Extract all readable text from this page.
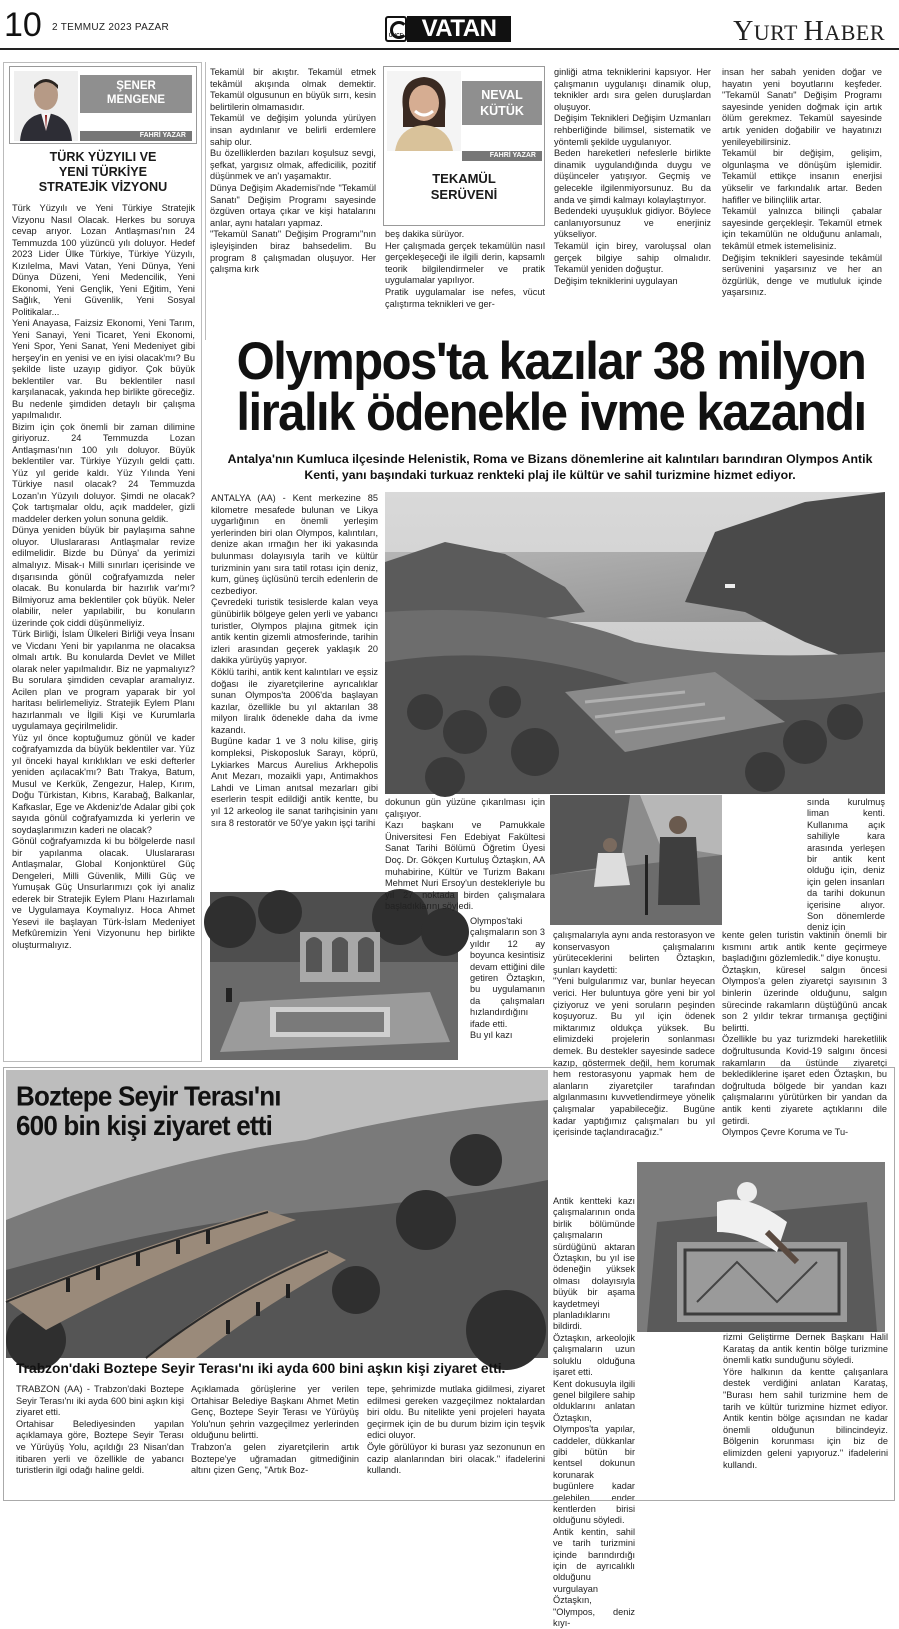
10 2 TEMMUZ 2023 PAZAR
ÜNCE VATAN	YURT HABER
ŞENER
MENGENE
FAHRİ YAZAR
TÜRK YÜZYILI VE
YENİ TÜRKİYE
STRATEJİK VİZYONU
Türk Yüzyılı ve Yeni Türkiye Stratejik Vizyonu Nasıl Olacak. Herkes bu soruya cevap arıyor. Lozan Antlaşması'nın 24 Temmuzda 100 yüzüncü yılı doluyor. Hedef 2023 Lider Ülke Türkiye, Türkiye Yüzyılı, Kızılelma, Mavi Vatan, Yeni Dünya, Yeni Dünya Düzeni, Yeni Medencilik, Yeni Ekonomi, Yeni Gençlik, Yeni Eğitim, Yeni Sağlık, Yeni Güvenlik, Yeni Sosyal Politikalar...
Yeni Anayasa, Faizsiz Ekonomi, Yeni Tarım, Yeni Sanayi, Yeni Ticaret, Yeni Ekonomi, Yeni Spor, Yeni Sanat, Yeni Medeniyet gibi herşey'in en yenisi ve en iyisi olacak'mı? Bu şekilde liste uzayıp gidiyor. Çok büyük beklentiler var. Bu beklentiler nasıl karşılanacak, yakında hep birlikte göreceğiz. Bu nedenle şimdiden detaylı bir çalışma yapılmalıdır.
Bizim için çok önemli bir zaman dilimine giriyoruz. 24 Temmuzda Lozan Antlaşması'nın 100 yılı doluyor. Büyük beklentiler var. Türkiye Yüzyılı geldi çattı. Yüz yıl geride kaldı. Yüz Yılında Yeni Türkiye nasıl olacak? 24 Temmuzda Lozan'ın Yüzyılı doluyor. Şimdi ne olacak? Çok tartışmalar oldu, açık maddeler, gizli maddeler derken yolun sonuna geldik.
Dünya yeniden büyük bir paylaşıma sahne oluyor. Uluslararası Antlaşmalar revize edilmelidir. Bizde bu Dünya' da yerimizi almalıyız. Misak-ı Milli sınırları içerisinde ve dışarısında gönül coğrafyamızda neler olacak. Bu konularda bir hazırlık var'mı? Bilmiyoruz ama beklentiler çok büyük. Neler olabilir, neler yapılabilir, bu konuların üzerinde çok ciddi düşünmeliyiz.
Türk Birliği, İslam Ülkeleri Birliği veya İnsanı ve Vicdanı Yeni bir yapılanma ne olacaksa olmalı artık. Bu konularda Devlet ve Millet olarak neler yapılmalıdır. Biz ne yapmalıyız? Bu sorulara şimdiden cevaplar aramalıyız. Acilen plan ve program yaparak bir yol haritası belirlemeliyiz. Stratejik Eylem Planı hazırlanmalı ve İlgili Kişi ve Kurumlarla uygulamaya geçirilmelidir.
Yüz yıl önce koptuğumuz gönül ve kader coğrafyamızda da büyük beklentiler var. Yüz yıl önceki hayal kırıklıkları ve eski defterler yeniden açılacak'mı? Batı Trakya, Batum, Musul ve Kerkük, Zengezur, Halep, Kırım, Doğu Türkistan, Kıbrıs, Karabağ, Balkanlar, Kafkaslar, Ege ve Akdeniz'de Adalar gibi çok sayıda gönül coğrafyamızda ki yerlerin ve soydaşlarımızın kaderi ne olacak?
Gönül coğrafyamızda ki bu bölgelerde nasıl bir yapılanma olacak. Uluslararası Antlaşmalar, Global Konjonktürel Güç Dengeleri, Milli Güvenlik, Milli Güç ve Yumuşak Güç Unsurlarımızı çok iyi analiz ederek bir Stratejik Eylem Planı Hazırlamalı ve Uygulamaya Koymalıyız. Hoca Ahmet Yesevi ile başlayan Türk-İslam Medeniyet Mefkûremizin Yeni Vizyonunu hep birlikte oluşturmalıyız.
Tekamül bir akıştır. Tekamül etmek tekâmül akışında olmak demektir. Tekamül olgusunun en büyük sırrı, kesin belirtilerin olmamasıdır.
Tekamül ve değişim yolunda yürüyen insan aydınlanır ve belirli erdemlere sahip olur.
Bu özelliklerden bazıları koşulsuz sevgi, şefkat, yargısız olmak, affedicilik, pozitif düşünmek ve an'ı yaşamaktır.
Dünya Değişim Akademisi'nde "Tekamül Sanatı" Değişim Programı sayesinde özgüven ortaya çıkar ve kişi hatalarını anlar, aynı hataları yapmaz.
"Tekamül Sanatı" Değişim Programı"nın işleyişinden biraz bahsedelim. Bu program 8 çalışmadan oluşuyor. Her çalışma kırk
NEVAL
KÜTÜK
FAHRİ YAZAR
TEKAMÜL
SERÜVENİ
beş dakika sürüyor.
Her çalışmada gerçek tekamülün nasıl gerçekleşeceği ile ilgili derin, kapsamlı teorik bilgilendirmeler ve pratik uygulamalar yapılıyor.
Pratik uygulamalar ise nefes, vücut çalıştırma teknikleri ve ger-
ginliği atma tekniklerini kapsıyor. Her çalışmanın uygulanışı dinamik olup, teknikler ardı sıra gelen duruşlardan oluşuyor.
Değişim Teknikleri Değişim Uzmanları rehberliğinde bilimsel, sistematik ve yöntemli şekilde uygulanıyor.
Beden hareketleri nefeslerle birlikte dinamik uygulandığında duygu ve düşünceler yatışıyor. Geçmiş ve gelecekle ilgilenmiyorsunuz. Bu da anda ve şimdi kalmayı kolaylaştırıyor.
Bedendeki uyuşukluk gidiyor. Böylece canlanıyorsunuz ve enerjiniz yükseliyor.
Tekamül için birey, varoluşsal olan gerçek bilgiye sahip olmalıdır. Tekamül yeniden doğuştur.
Değişim tekniklerini uygulayan
insan her sabah yeniden doğar ve hayatın yeni boyutlarını keşfeder. "Tekamül Sanatı" Değişim Programı sayesinde yeniden doğmak için artık ölüm gerekmez. Tekamül sayesinde artık yeniden doğabilir ve hayatınızı yenileyebilirsiniz.
Tekamül bir değişim, gelişim, olgunlaşma ve dönüşüm işlemidir. Tekamül ettikçe insanın enerjisi yükselir ve farkındalık artar. Beden hafifler ve bilinçlilik artar.
Tekamül yalnızca bilinçli çabalar sayesinde gerçekleşir. Tekamül etmek için tekamülün ne olduğunu anlamalı, tekâmül etmek istemelisiniz.
Değişim teknikleri sayesinde tekâmül serüvenini yaşarsınız ve her an özgürlük, denge ve mutluluk içinde yaşarsınız.
Olympos'ta kazılar 38 milyon
liralık ödenekle ivme kazandı
Antalya'nın Kumluca ilçesinde Helenistik, Roma ve Bizans dönemlerine ait kalıntıları barındıran Olympos Antik Kenti, yanı başındaki turkuaz renkteki plaj ile kültür ve sahil turizmine hizmet ediyor.
ANTALYA (AA) - Kent merkezine 85 kilometre mesafede bulunan ve Likya uygarlığının en önemli yerleşim yerlerinden biri olan Olympos, kalıntıları, denize akan ırmağın her iki yakasında bulunması dolayısıyla tarih ve kültür turizminin yanı sıra tatil rotası için deniz, kum, güneş üçlüsünü tercih edenlerin de cezbediyor.
Çevredeki turistik tesislerde kalan veya günübirlik bölgeye gelen yerli ve yabancı turistler, Olympos plajına gitmek için antik kentin gizemli atmosferinde, tarihin izleri arasından geçerek yaklaşık 20 dakika yürüyüş yapıyor.
Köklü tarihi, antik kent kalıntıları ve eşsiz doğası ile ziyaretçilerine ayrıcalıklar sunan Olympos'ta 2006'da başlayan kazılar, özellikle bu yıl aktarılan 38 milyon liralık ödenekle daha da ivme kazandı.
Bugüne kadar 1 ve 3 nolu kilise, giriş kompleksi, Piskoposluk Sarayı, köprü, Lykiarkes Marcus Aurelius Arkhepolis Anıt Mezarı, mozaikli yapı, Antimakhos Lahdi ve Liman anıtsal mezarları gibi eserlerin tespit edildiği antik kentte, bu yıl 12 arkeolog ile sanat tarihçisinin yanı sıra 8 restoratör ve 50'ye yakın işçi tarihi
dokunun gün yüzüne çıkarılması için çalışıyor.
Kazı başkanı ve Pamukkale Üniversitesi Fen Edebiyat Fakültesi Sanat Tarihi Bölümü Öğretim Üyesi Doç. Dr. Gökçen Kurtuluş Öztaşkın, AA muhabirine, Kültür ve Turizm Bakanı Mehmet Nuri Ersoy'un destekleriyle bu yıl 27 noktada birden çalışmalara başladıklarını söyledi.
Olympos'taki çalışmaların son 3 yıldır 12 ay boyunca kesintisiz devam ettiğini dile getiren Öztaşkın, bu uygulamanın da çalışmaları hızlandırdığını ifade etti.
Bu yıl kazı
sında kurulmuş liman kenti. Kullanıma açık sahiliyle kara arasında yerleşen bir antik kent olduğu için, deniz için gelen insanları da tarihi dokunun içerisine alıyor. Son dönemlerde deniz için
çalışmalarıyla aynı anda restorasyon ve konservasyon çalışmalarını yürüteceklerini belirten Öztaşkın, şunları kaydetti:
"Yeni bulgularımız var, bunlar heyecan verici. Her buluntuya göre yeni bir yol çiziyoruz ve yeni soruların peşinden koşuyoruz. Bu yıl için ödenek miktarımız oldukça yüksek. Bu elimizdeki projelerin sonlanması demek. Bu destekler sayesinde sadece kazıp, göstermek değil, hem korumak hem restorasyonu yapmak hem de alanların ziyaretçiler tarafından algılanmasını kuvvetlendirmeye yönelik çalışmalar yapabileceğiz. Bugüne kadar yaptığımız çalışmaları bu yıl içerisinde taçlandıracağız."
Antik kentteki kazı çalışmalarının onda birlik bölümünde çalışmaların sürdüğünü aktaran Öztaşkın, bu yıl ise ödeneğin yüksek olması dolayısıyla büyük bir aşama kaydetmeyi planladıklarını bildirdi.
Öztaşkın, arkeolojik çalışmaların uzun soluklu olduğuna işaret etti.
Kent dokusuyla ilgili genel bilgilere sahip olduklarını anlatan Öztaşkın, Olympos'ta yapılar, caddeler, dükkanlar gibi bütün bir kentsel dokunun korunarak bugünlere kadar gelebilen ender kentlerden birisi olduğunu söyledi.
Antik kentin, sahil ve tarih turizmini içinde barındırdığı için de ayrıcalıklı olduğunu vurgulayan Öztaşkın, "Olympos, deniz kıyı-
kente gelen turistin vaktinin önemli bir kısmını artık antik kente geçirmeye başladığını gözlemledik." diye konuştu.
Öztaşkın, küresel salgın öncesi Olympos'a gelen ziyaretçi sayısının 3 binlerin üzerinde olduğunu, salgın sürecinde rakamların düştüğünü ancak son 2 yıldır tekrar tırmanışa geçtiğini belirtti.
Özellikle bu yaz turizmdeki hareketlilik doğrultusunda Kovid-19 salgını öncesi rakamların da üstünde ziyaretçi beklediklerine işaret eden Öztaşkın, bu doğrultuda bölgede bir yandan kazı çalışmalarını yürütürken bir yandan da antik kenti ziyarete açtıklarını dile getirdi.
Olympos Çevre Koruma ve Tu-
rizmi Geliştirme Dernek Başkanı Halil Karataş da antik kentin bölge turizmine önemli katkı sunduğunu söyledi.
Yöre halkının da kentte çalışanlara destek verdiğini anlatan Karataş, "Burası hem sahil turizmine hem de tarih ve kültür turizmine hizmet ediyor. Antik kentin bölge açısından ne kadar önemli olduğunun bilincindeyiz. Bölgenin korunması için biz de elimizden geleni yapıyoruz." ifadelerini kullandı.
Boztepe Seyir Terası'nı
600 bin kişi ziyaret etti
Trabzon'daki Boztepe Seyir Terası'nı iki ayda 600 bini aşkın kişi ziyaret etti.
TRABZON (AA) - Trabzon'daki Boztepe Seyir Terası'nı iki ayda 600 bini aşkın kişi ziyaret etti.
Ortahisar Belediyesinden yapılan açıklamaya göre, Boztepe Seyir Terası ve Yürüyüş Yolu, açıldığı 23 Nisan'dan itibaren yerli ve özellikle de yabancı turistlerin ilgi odağı haline geldi.
Açıklamada görüşlerine yer verilen Ortahisar Belediye Başkanı Ahmet Metin Genç, Boztepe Seyir Terası ve Yürüyüş Yolu'nun şehrin vazgeçilmez yerlerinden olduğunu belirtti.
Trabzon'a gelen ziyaretçilerin artık Boztepe'ye uğramadan gitmediğinin altını çizen Genç, "Artık Boz-
tepe, şehrimizde mutlaka gidilmesi, ziyaret edilmesi gereken vazgeçilmez noktalardan biri oldu. Bu nitelikte yeni projeleri hayata geçirmek için de bu durum bizim için teşvik edici oluyor.
Öyle görülüyor ki burası yaz sezonunun en cazip alanlarından biri olacak." ifadelerini kullandı.
